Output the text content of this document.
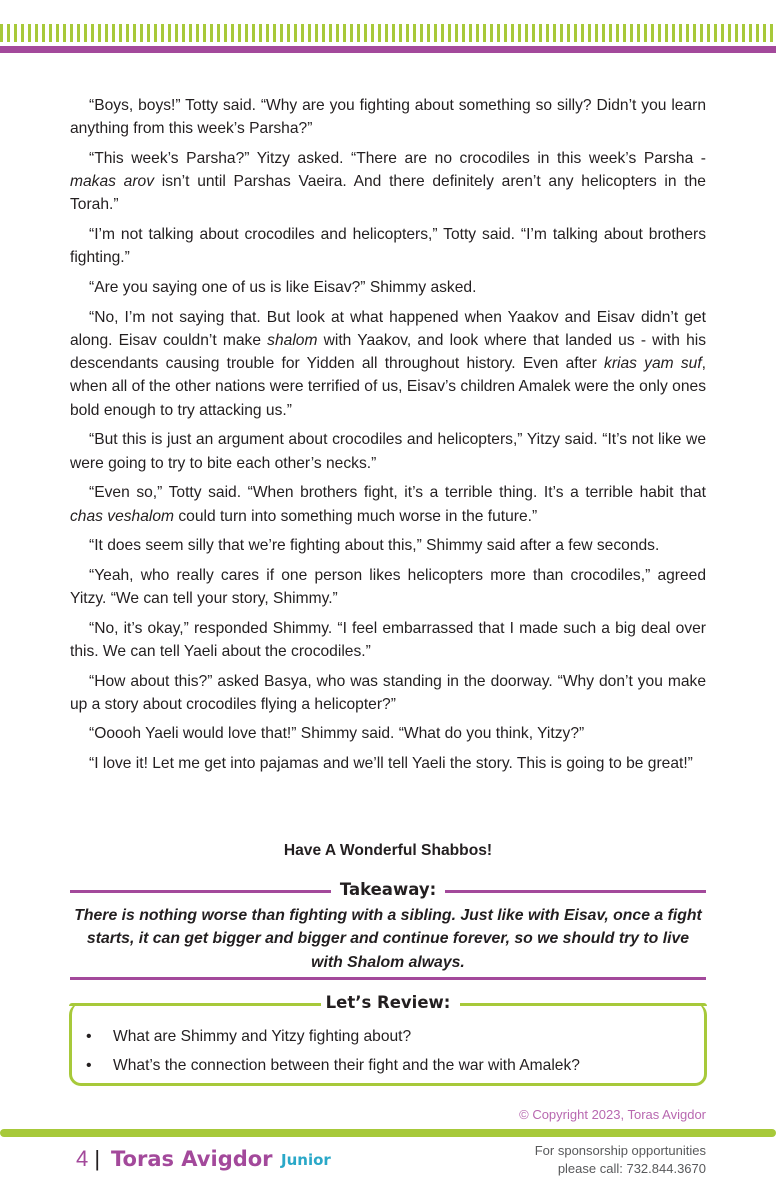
“Boys, boys!” Totty said. “Why are you fighting about something so silly? Didn’t you learn anything from this week’s Parsha?”

“This week’s Parsha?” Yitzy asked. “There are no crocodiles in this week’s Parsha - makas arov isn’t until Parshas Vaeira. And there definitely aren’t any helicopters in the Torah.”

“I’m not talking about crocodiles and helicopters,” Totty said. “I’m talking about brothers fighting.”

“Are you saying one of us is like Eisav?” Shimmy asked.

“No, I’m not saying that. But look at what happened when Yaakov and Eisav didn’t get along. Eisav couldn’t make shalom with Yaakov, and look where that landed us - with his descendants causing trouble for Yidden all throughout history. Even after krias yam suf, when all of the other nations were terrified of us, Eisav’s children Amalek were the only ones bold enough to try attacking us.”

“But this is just an argument about crocodiles and helicopters,” Yitzy said. “It’s not like we were going to try to bite each other’s necks.”

“Even so,” Totty said. “When brothers fight, it’s a terrible thing. It’s a terrible habit that chas veshalom could turn into something much worse in the future.”

“It does seem silly that we’re fighting about this,” Shimmy said after a few seconds.

“Yeah, who really cares if one person likes helicopters more than crocodiles,” agreed Yitzy. “We can tell your story, Shimmy.”

“No, it’s okay,” responded Shimmy. “I feel embarrassed that I made such a big deal over this. We can tell Yaeli about the crocodiles.”

“How about this?” asked Basya, who was standing in the doorway. “Why don’t you make up a story about crocodiles flying a helicopter?”

“Ooooh Yaeli would love that!” Shimmy said. “What do you think, Yitzy?”

“I love it! Let me get into pajamas and we’ll tell Yaeli the story. This is going to be great!”

Have A Wonderful Shabbos!
Takeaway:
There is nothing worse than fighting with a sibling. Just like with Eisav, once a fight starts, it can get bigger and bigger and continue forever, so we should try to live with Shalom always.
Let’s Review:
• What are Shimmy and Yitzy fighting about?
• What’s the connection between their fight and the war with Amalek?
© Copyright 2023, Toras Avigdor
4 | Toras Avigdor Junior
For sponsorship opportunities
please call: 732.844.3670
